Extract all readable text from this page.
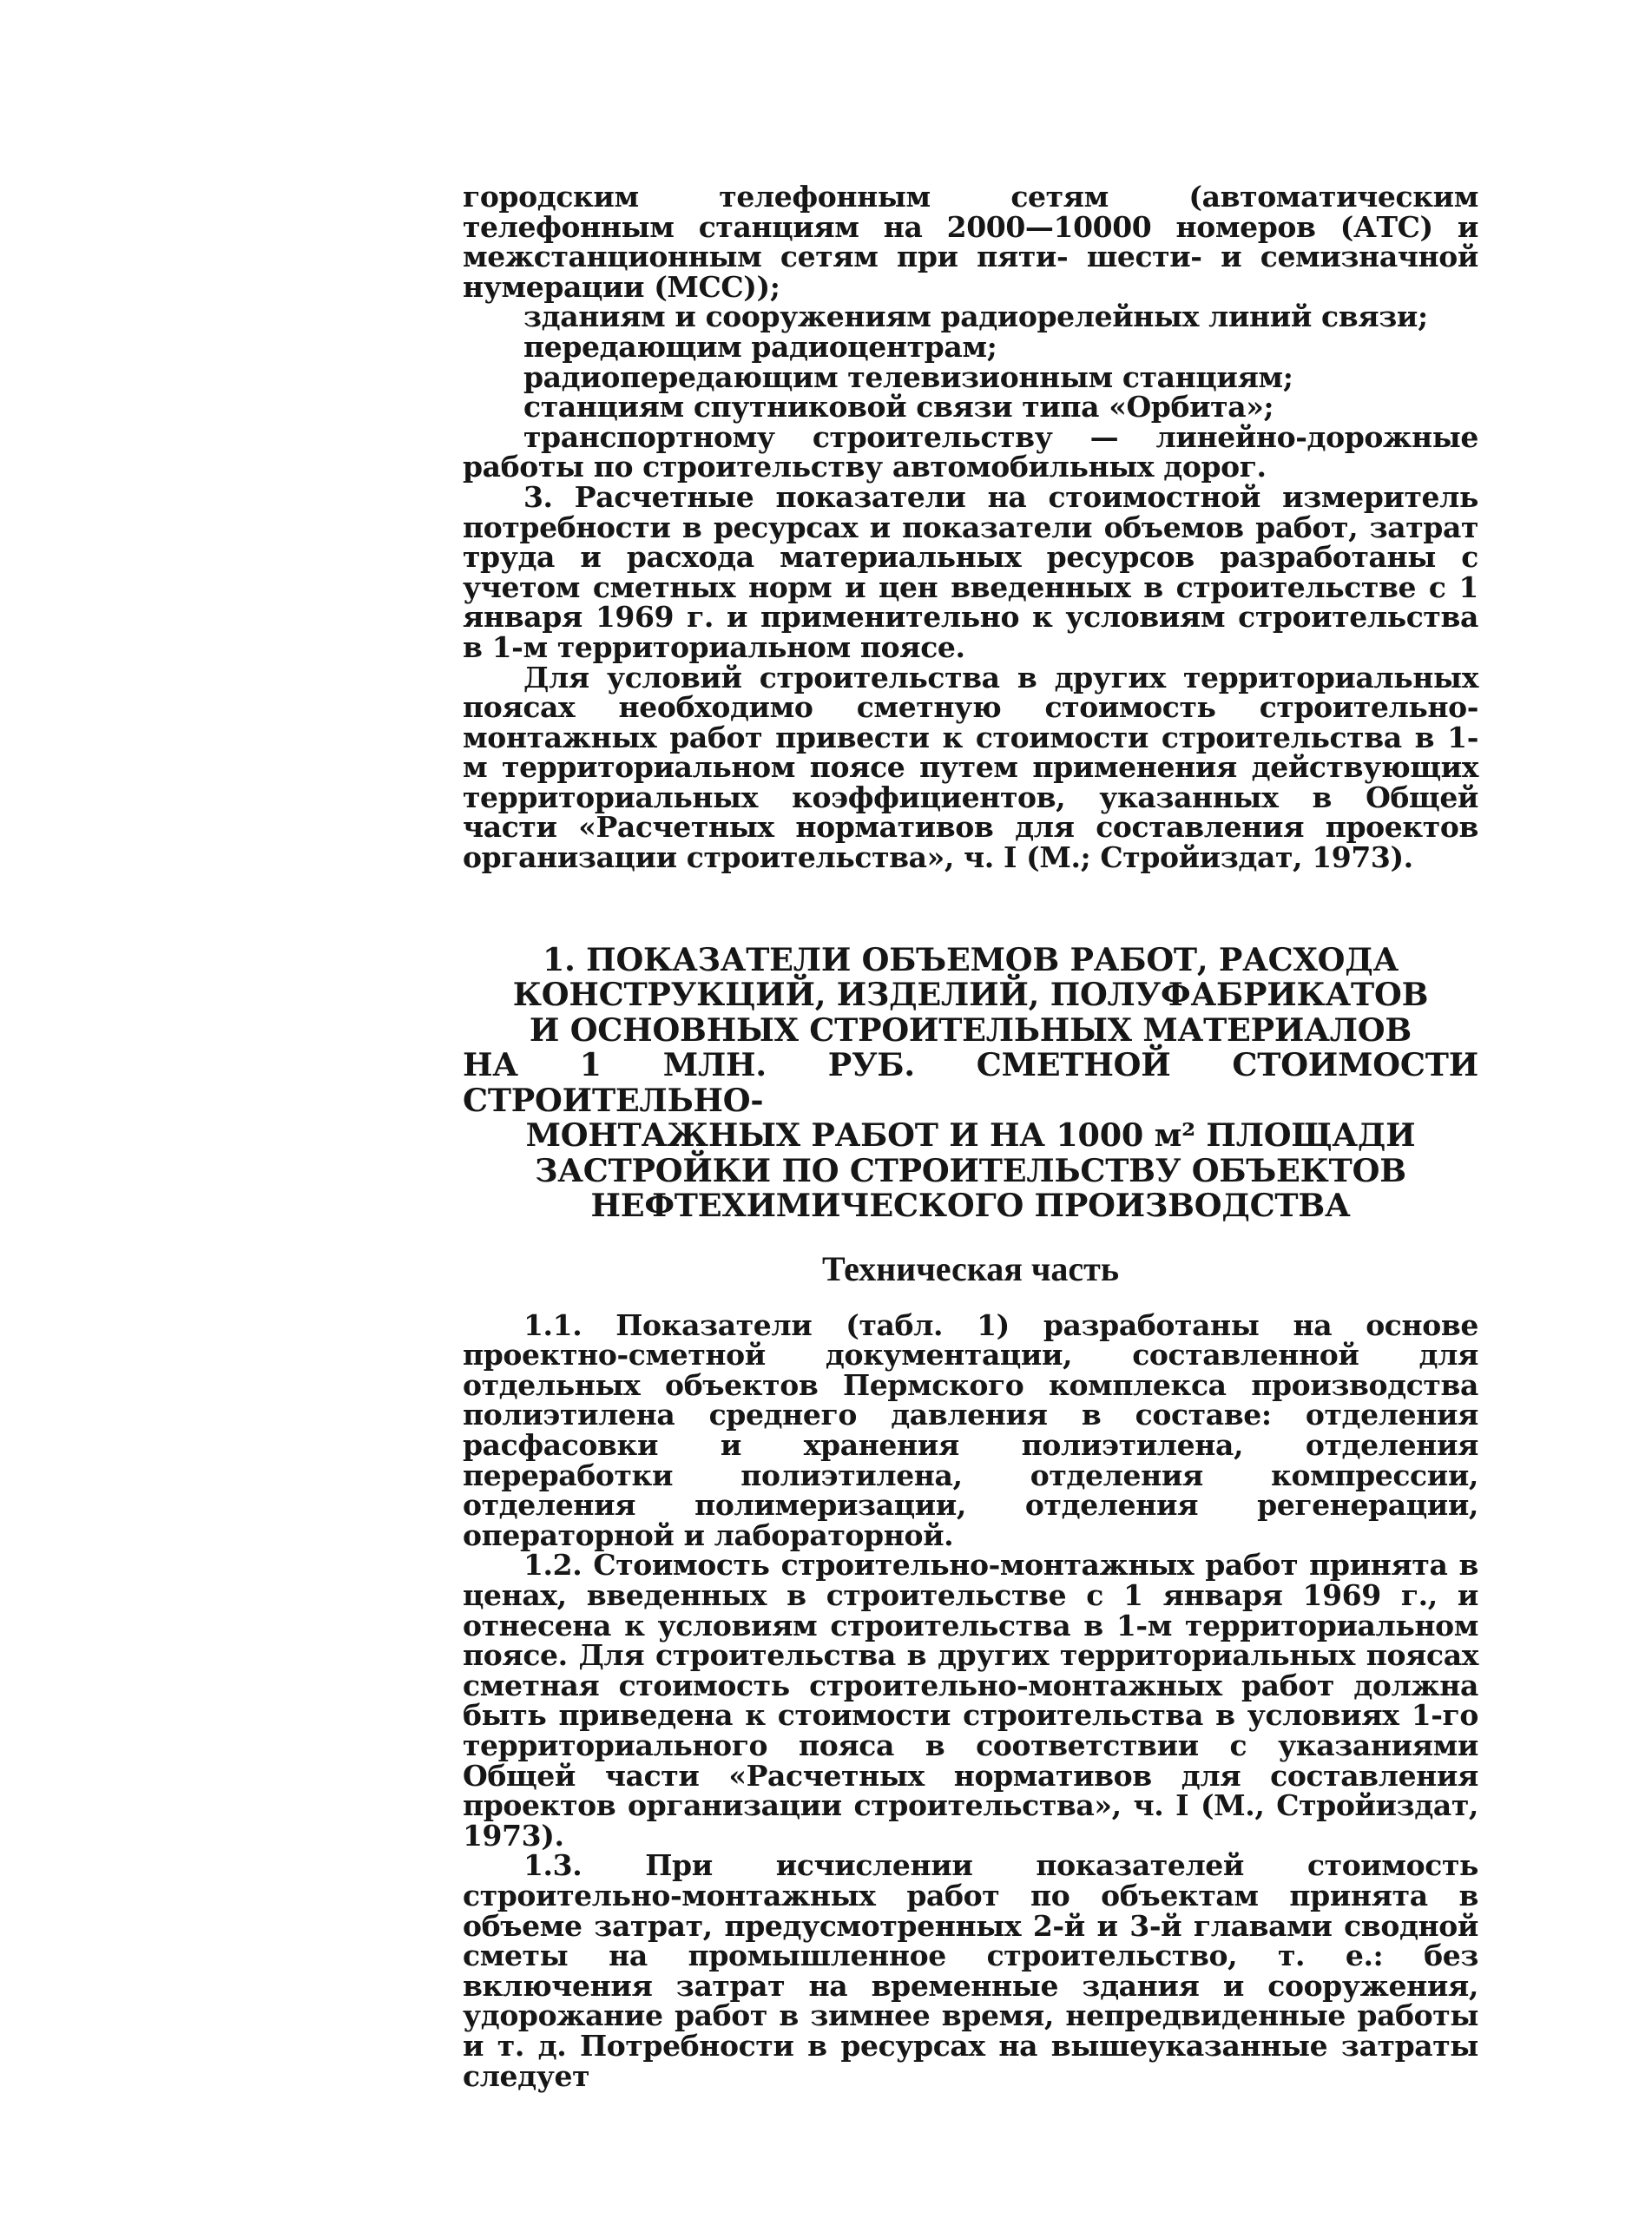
городским телефонным сетям (автоматическим телефонным станциям на 2000—10000 номеров (АТС) и межстанционным сетям при пяти- шести- и семизначной нумерации (МСС));

зданиям и сооружениям радиорелейных линий связи;

передающим радиоцентрам;

радиопередающим телевизионным станциям;

станциям спутниковой связи типа «Орбита»;

транспортному строительству — линейно-дорожные работы по строительству автомобильных дорог.

3. Расчетные показатели на стоимостной измеритель потребности в ресурсах и показатели объемов работ, затрат труда и расхода материальных ресурсов разработаны с учетом сметных норм и цен введенных в строительстве с 1 января 1969 г. и применительно к условиям строительства в 1-м территориальном поясе.

Для условий строительства в других территориальных поясах необходимо сметную стоимость строительно-монтажных работ привести к стоимости строительства в 1-м территориальном поясе путем применения действующих территориальных коэффициентов, указанных в Общей части «Расчетных нормативов для составления проектов организации строительства», ч. I (М.; Стройиздат, 1973).

1. ПОКАЗАТЕЛИ ОБЪЕМОВ РАБОТ, РАСХОДА
КОНСТРУКЦИЙ, ИЗДЕЛИЙ, ПОЛУФАБРИКАТОВ
И ОСНОВНЫХ СТРОИТЕЛЬНЫХ МАТЕРИАЛОВ
НА 1 МЛН. РУБ. СМЕТНОЙ СТОИМОСТИ СТРОИТЕЛЬНО-
МОНТАЖНЫХ РАБОТ И НА 1000 м² ПЛОЩАДИ
ЗАСТРОЙКИ ПО СТРОИТЕЛЬСТВУ ОБЪЕКТОВ
НЕФТЕХИМИЧЕСКОГО ПРОИЗВОДСТВА
Техническая часть

1.1. Показатели (табл. 1) разработаны на основе проектно-сметной документации, составленной для отдельных объектов Пермского комплекса производства полиэтилена среднего давления в составе: отделения расфасовки и хранения полиэтилена, отделения переработки полиэтилена, отделения компрессии, отделения полимеризации, отделения регенерации, операторной и лабораторной.

1.2. Стоимость строительно-монтажных работ принята в ценах, введенных в строительстве с 1 января 1969 г., и отнесена к условиям строительства в 1-м территориальном поясе. Для строительства в других территориальных поясах сметная стоимость строительно-монтажных работ должна быть приведена к стоимости строительства в условиях 1-го территориального пояса в соответствии с указаниями Общей части «Расчетных нормативов для составления проектов организации строительства», ч. I (М., Стройиздат, 1973).

1.3. При исчислении показателей стоимость строительно-монтажных работ по объектам принята в объеме затрат, предусмотренных 2-й и 3-й главами сводной сметы на промышленное строительство, т. е.: без включения затрат на временные здания и сооружения, удорожание работ в зимнее время, непредвиденные работы и т. д. Потребности в ресурсах на вышеуказанные затраты следует
